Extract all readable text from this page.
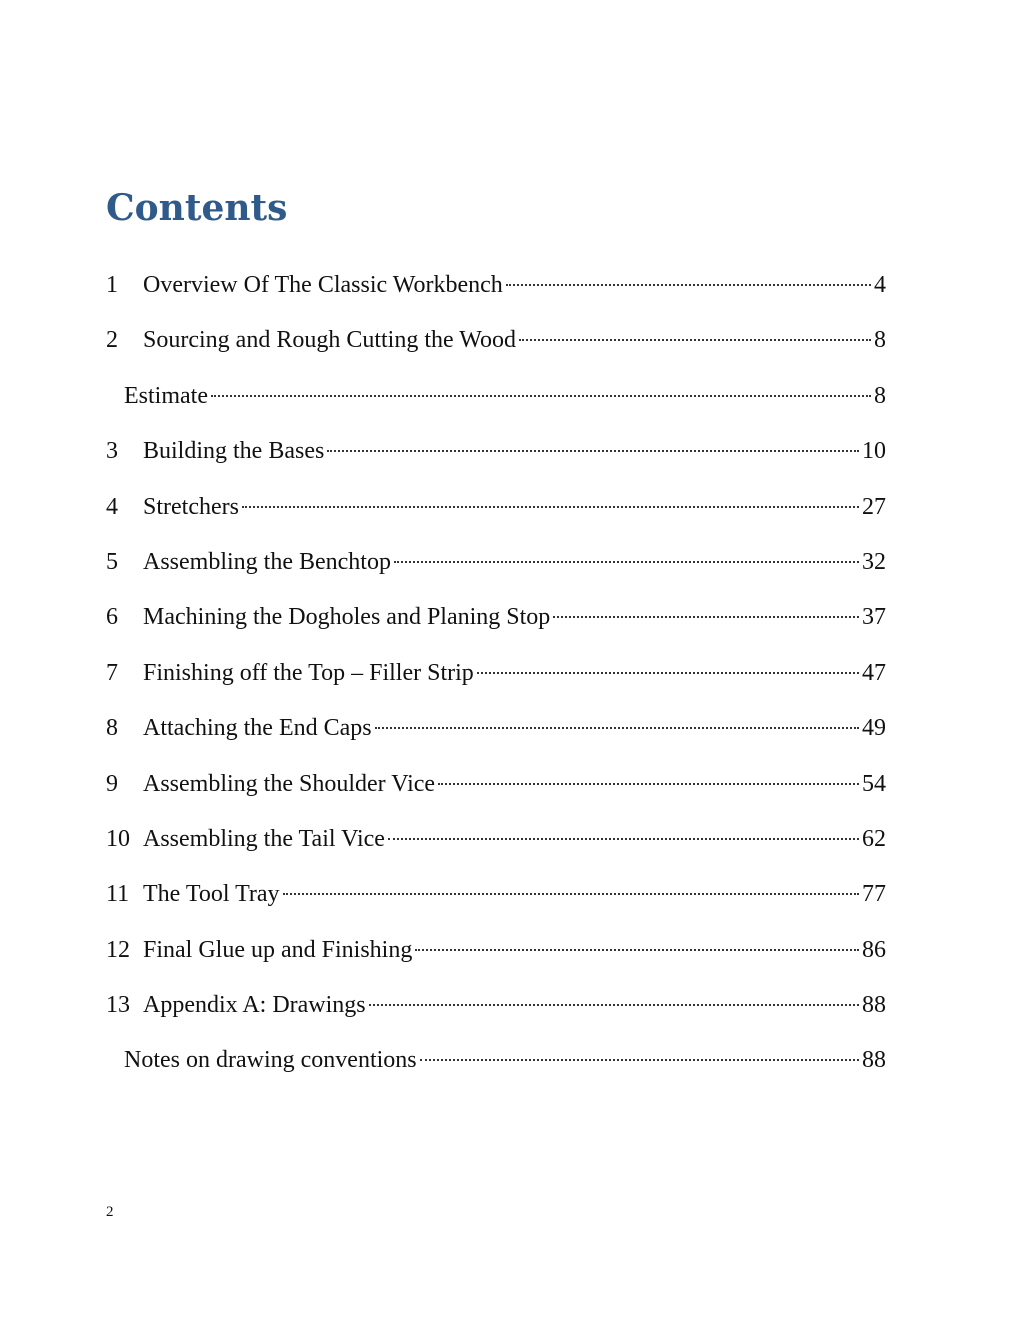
Contents
1	Overview Of The Classic Workbench	4
2	Sourcing and Rough Cutting the Wood	8
Estimate	8
3	Building the Bases	10
4	Stretchers	27
5	Assembling the Benchtop	32
6	Machining the Dogholes and Planing Stop	37
7	Finishing off the Top – Filler Strip	47
8	Attaching the End Caps	49
9	Assembling the Shoulder Vice	54
10 Assembling the Tail Vice	62
11 The Tool Tray	77
12 Final Glue up and Finishing	86
13 Appendix A: Drawings	88
Notes on drawing conventions	88
2
